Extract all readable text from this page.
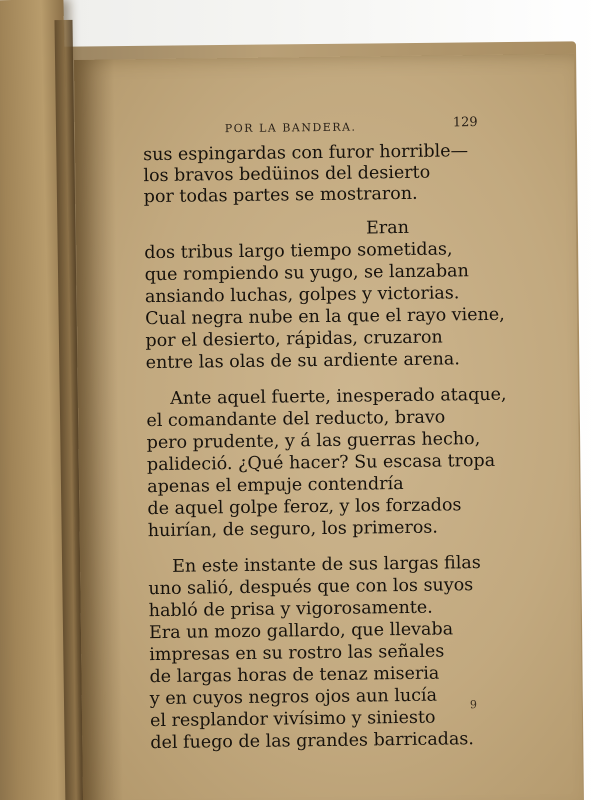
POR LA BANDERA.	129
sus espingardas con furor horrible—
los bravos bedüinos del desierto
por todas partes se mostraron.
Eran
dos tribus largo tiempo sometidas,
que rompiendo su yugo, se lanzaban
ansiando luchas, golpes y victorias.
Cual negra nube en la que el rayo viene,
por el desierto, rápidas, cruzaron
entre las olas de su ardiente arena.
Ante aquel fuerte, inesperado ataque,
el comandante del reducto, bravo
pero prudente, y á las guerras hecho,
palideció. ¿Qué hacer? Su escasa tropa
apenas el empuje contendría
de aquel golpe feroz, y los forzados
huirían, de seguro, los primeros.
En este instante de sus largas filas
uno salió, después que con los suyos
habló de prisa y vigorosamente.
Era un mozo gallardo, que llevaba
impresas en su rostro las señales
de largas horas de tenaz miseria
y en cuyos negros ojos aun lucía
el resplandor vivísimo y siniesto
del fuego de las grandes barricadas.
9
